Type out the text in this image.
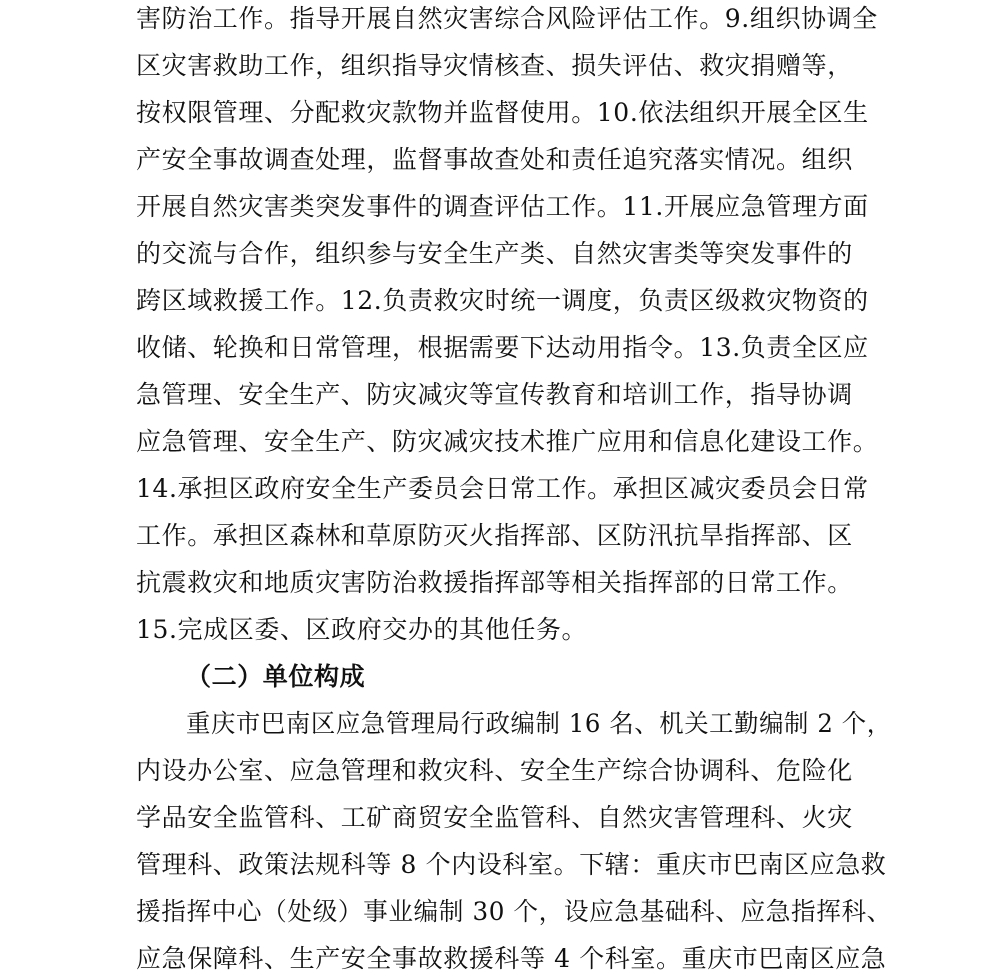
害防治工作。指导开展自然灾害综合风险评估工作。9.组织协调全
区灾害救助工作，组织指导灾情核查、损失评估、救灾捐赠等，
按权限管理、分配救灾款物并监督使用。10.依法组织开展全区生
产安全事故调查处理，监督事故查处和责任追究落实情况。组织
开展自然灾害类突发事件的调查评估工作。11.开展应急管理方面
的交流与合作，组织参与安全生产类、自然灾害类等突发事件的
跨区域救援工作。12.负责救灾时统一调度，负责区级救灾物资的
收储、轮换和日常管理，根据需要下达动用指令。13.负责全区应
急管理、安全生产、防灾减灾等宣传教育和培训工作，指导协调
应急管理、安全生产、防灾减灾技术推广应用和信息化建设工作。
14.承担区政府安全生产委员会日常工作。承担区减灾委员会日常
工作。承担区森林和草原防灭火指挥部、区防汛抗旱指挥部、区
抗震救灾和地质灾害防治救援指挥部等相关指挥部的日常工作。
15.完成区委、区政府交办的其他任务。
（二）单位构成
重庆市巴南区应急管理局行政编制 16 名、机关工勤编制 2 个，
内设办公室、应急管理和救灾科、安全生产综合协调科、危险化
学品安全监管科、工矿商贸安全监管科、自然灾害管理科、火灾
管理科、政策法规科等 8 个内设科室。下辖：重庆市巴南区应急救
援指挥中心（处级）事业编制 30 个，设应急基础科、应急指挥科、
应急保障科、生产安全事故救援科等 4 个科室。重庆市巴南区应急
